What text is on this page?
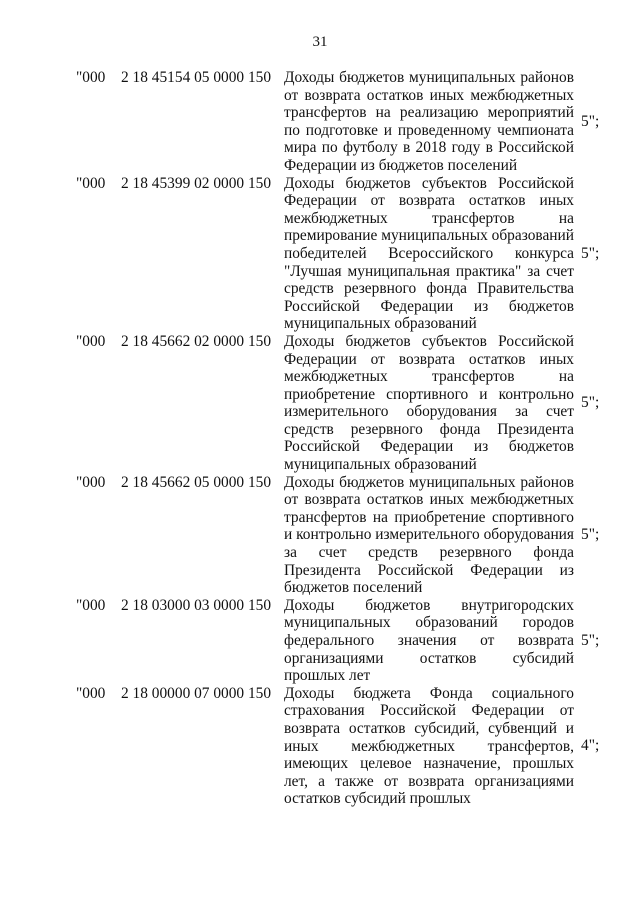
31
"000 2 18 45154 05 0000 150 Доходы бюджетов муниципальных районов от возврата остатков иных межбюджетных трансфертов на реализацию мероприятий по подготовке и проведенному чемпионата мира по футболу в 2018 году в Российской Федерации из бюджетов поселений
5";
"000 2 18 45399 02 0000 150 Доходы бюджетов субъектов Российской Федерации от возврата остатков иных межбюджетных трансфертов на премирование муниципальных образований победителей Всероссийского конкурса "Лучшая муниципальная практика" за счет средств резервного фонда Правительства Российской Федерации из бюджетов муниципальных образований
5";
"000 2 18 45662 02 0000 150 Доходы бюджетов субъектов Российской Федерации от возврата остатков иных межбюджетных трансфертов на приобретение спортивного и контрольно измерительного оборудования за счет средств резервного фонда Президента Российской Федерации из бюджетов муниципальных образований
5";
"000 2 18 45662 05 0000 150 Доходы бюджетов муниципальных районов от возврата остатков иных межбюджетных трансфертов на приобретение спортивного и контрольно измерительного оборудования за счет средств резервного фонда Президента Российской Федерации из бюджетов поселений
5";
"000 2 18 03000 03 0000 150 Доходы бюджетов внутригородских муниципальных образований городов федерального значения от возврата организациями остатков субсидий прошлых лет
5";
"000 2 18 00000 07 0000 150 Доходы бюджета Фонда социального страхования Российской Федерации от возврата остатков субсидий, субвенций и иных межбюджетных трансфертов, имеющих целевое назначение, прошлых лет, а также от возврата организациями остатков субсидий прошлых
4";
